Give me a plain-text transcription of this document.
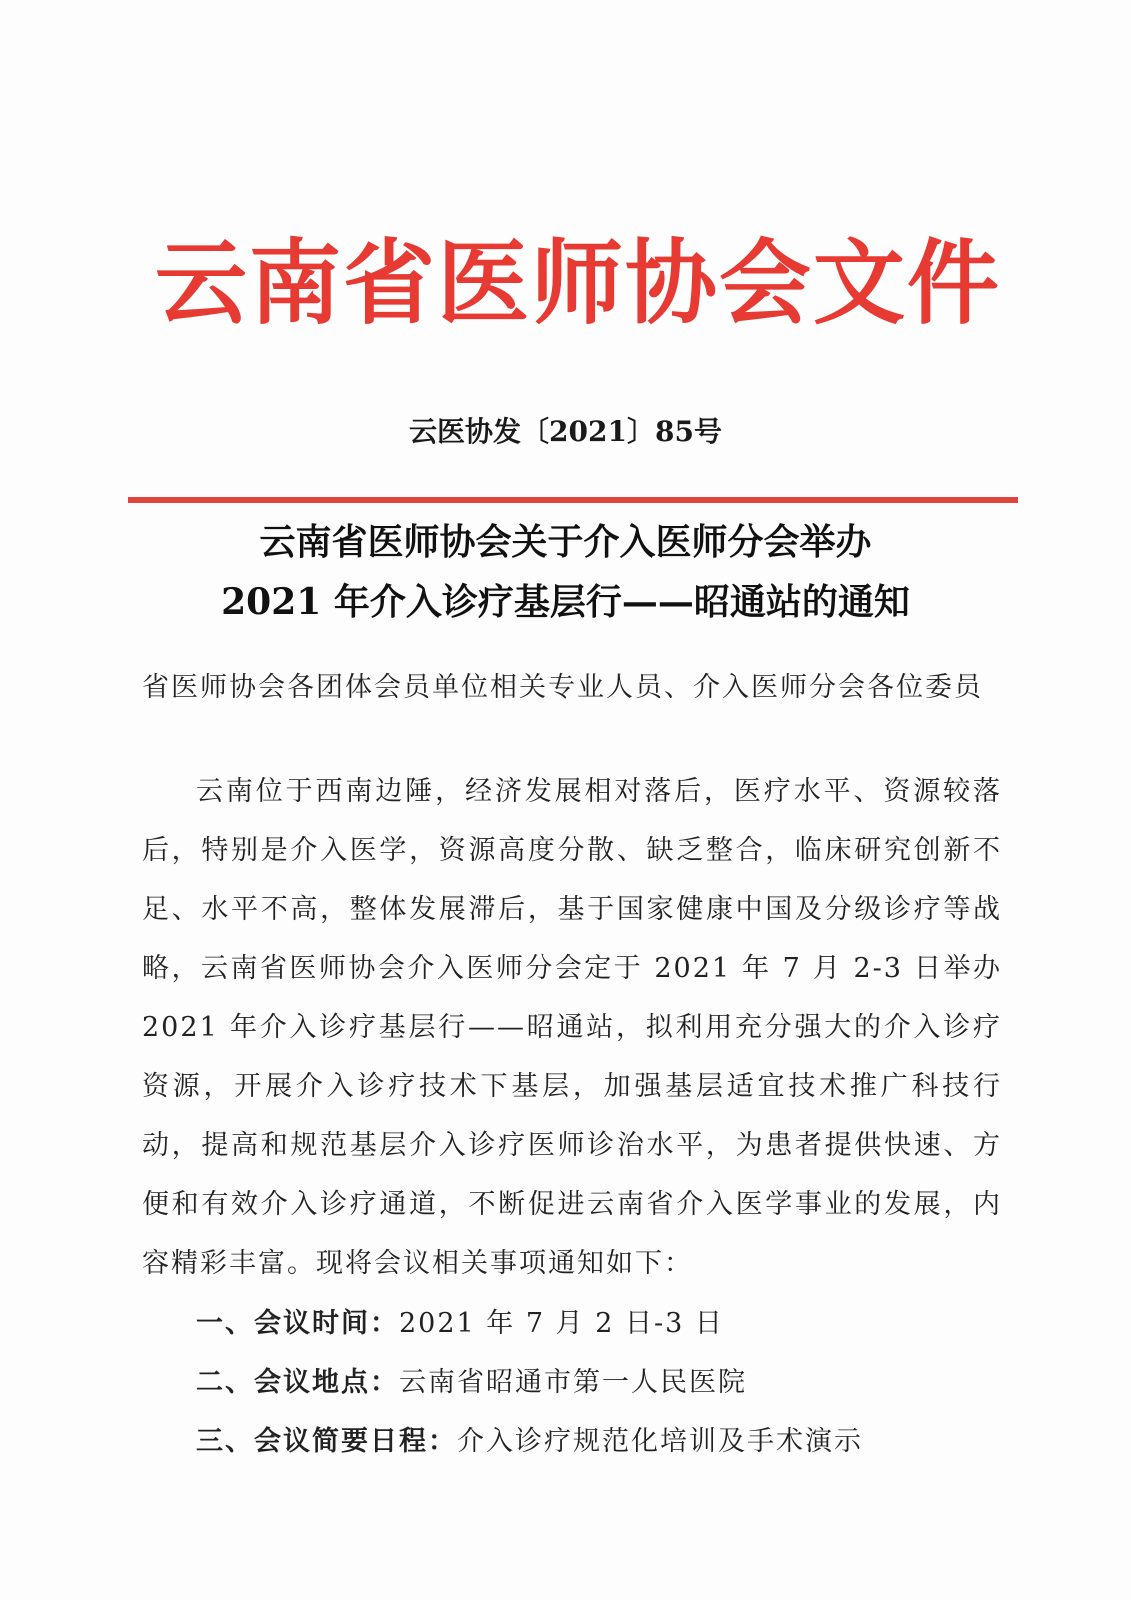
云南省医师协会文件
云医协发〔2021〕85号
云南省医师协会关于介入医师分会举办
2021 年介入诊疗基层行——昭通站的通知
省医师协会各团体会员单位相关专业人员、介入医师分会各位委员
云南位于西南边陲，经济发展相对落后，医疗水平、资源较落后，特别是介入医学，资源高度分散、缺乏整合，临床研究创新不足、水平不高，整体发展滞后，基于国家健康中国及分级诊疗等战略，云南省医师协会介入医师分会定于 2021 年 7 月 2-3 日举办 2021 年介入诊疗基层行——昭通站，拟利用充分强大的介入诊疗资源，开展介入诊疗技术下基层，加强基层适宜技术推广科技行动，提高和规范基层介入诊疗医师诊治水平，为患者提供快速、方便和有效介入诊疗通道，不断促进云南省介入医学事业的发展，内容精彩丰富。现将会议相关事项通知如下：
一、会议时间：2021 年 7 月 2 日-3 日
二、会议地点：云南省昭通市第一人民医院
三、会议简要日程：介入诊疗规范化培训及手术演示
